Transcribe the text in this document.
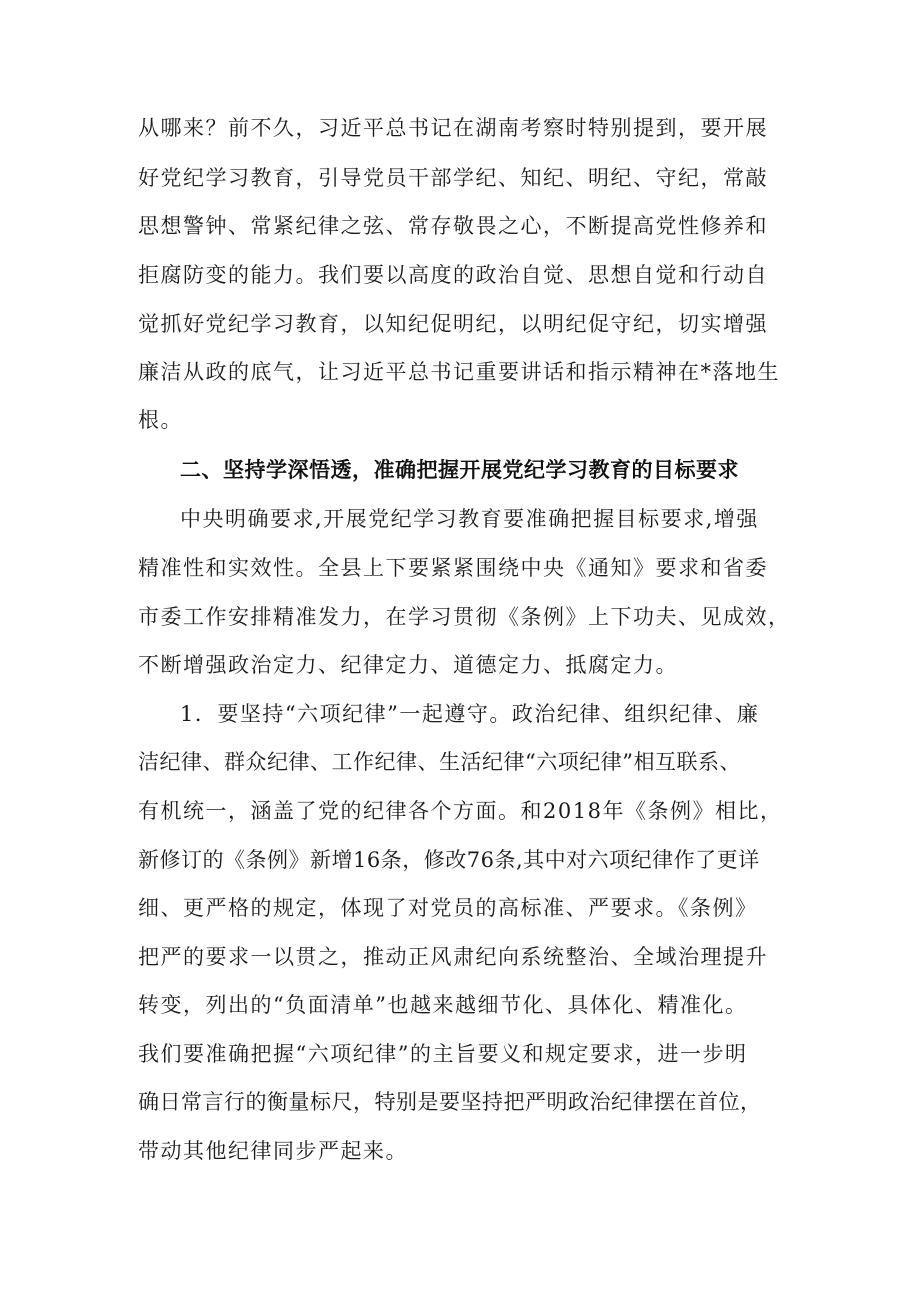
从哪来？前不久，习近平总书记在湖南考察时特别提到，要开展

好党纪学习教育，引导党员干部学纪、知纪、明纪、守纪，常敲

思想警钟、常紧纪律之弦、常存敬畏之心，不断提高党性修养和

拒腐防变的能力。我们要以高度的政治自觉、思想自觉和行动自

觉抓好党纪学习教育，以知纪促明纪，以明纪促守纪，切实增强

廉洁从政的底气，让习近平总书记重要讲话和指示精神在*落地生

根。

二、坚持学深悟透，准确把握开展党纪学习教育的目标要求

中央明确要求,开展党纪学习教育要准确把握目标要求,增强

精准性和实效性。全县上下要紧紧围绕中央《通知》要求和省委

市委工作安排精准发力，在学习贯彻《条例》上下功夫、见成效，

不断增强政治定力、纪律定力、道德定力、抵腐定力。

1．要坚持“六项纪律”一起遵守。政治纪律、组织纪律、廉

洁纪律、群众纪律、工作纪律、生活纪律“六项纪律”相互联系、

有机统一，涵盖了党的纪律各个方面。和2018年《条例》相比，

新修订的《条例》新增16条，修改76条,其中对六项纪律作了更详

细、更严格的规定，体现了对党员的高标准、严要求。《条例》

把严的要求一以贯之，推动正风肃纪向系统整治、全域治理提升

转变，列出的“负面清单”也越来越细节化、具体化、精准化。

我们要准确把握“六项纪律”的主旨要义和规定要求，进一步明

确日常言行的衡量标尺，特别是要坚持把严明政治纪律摆在首位，

带动其他纪律同步严起来。
